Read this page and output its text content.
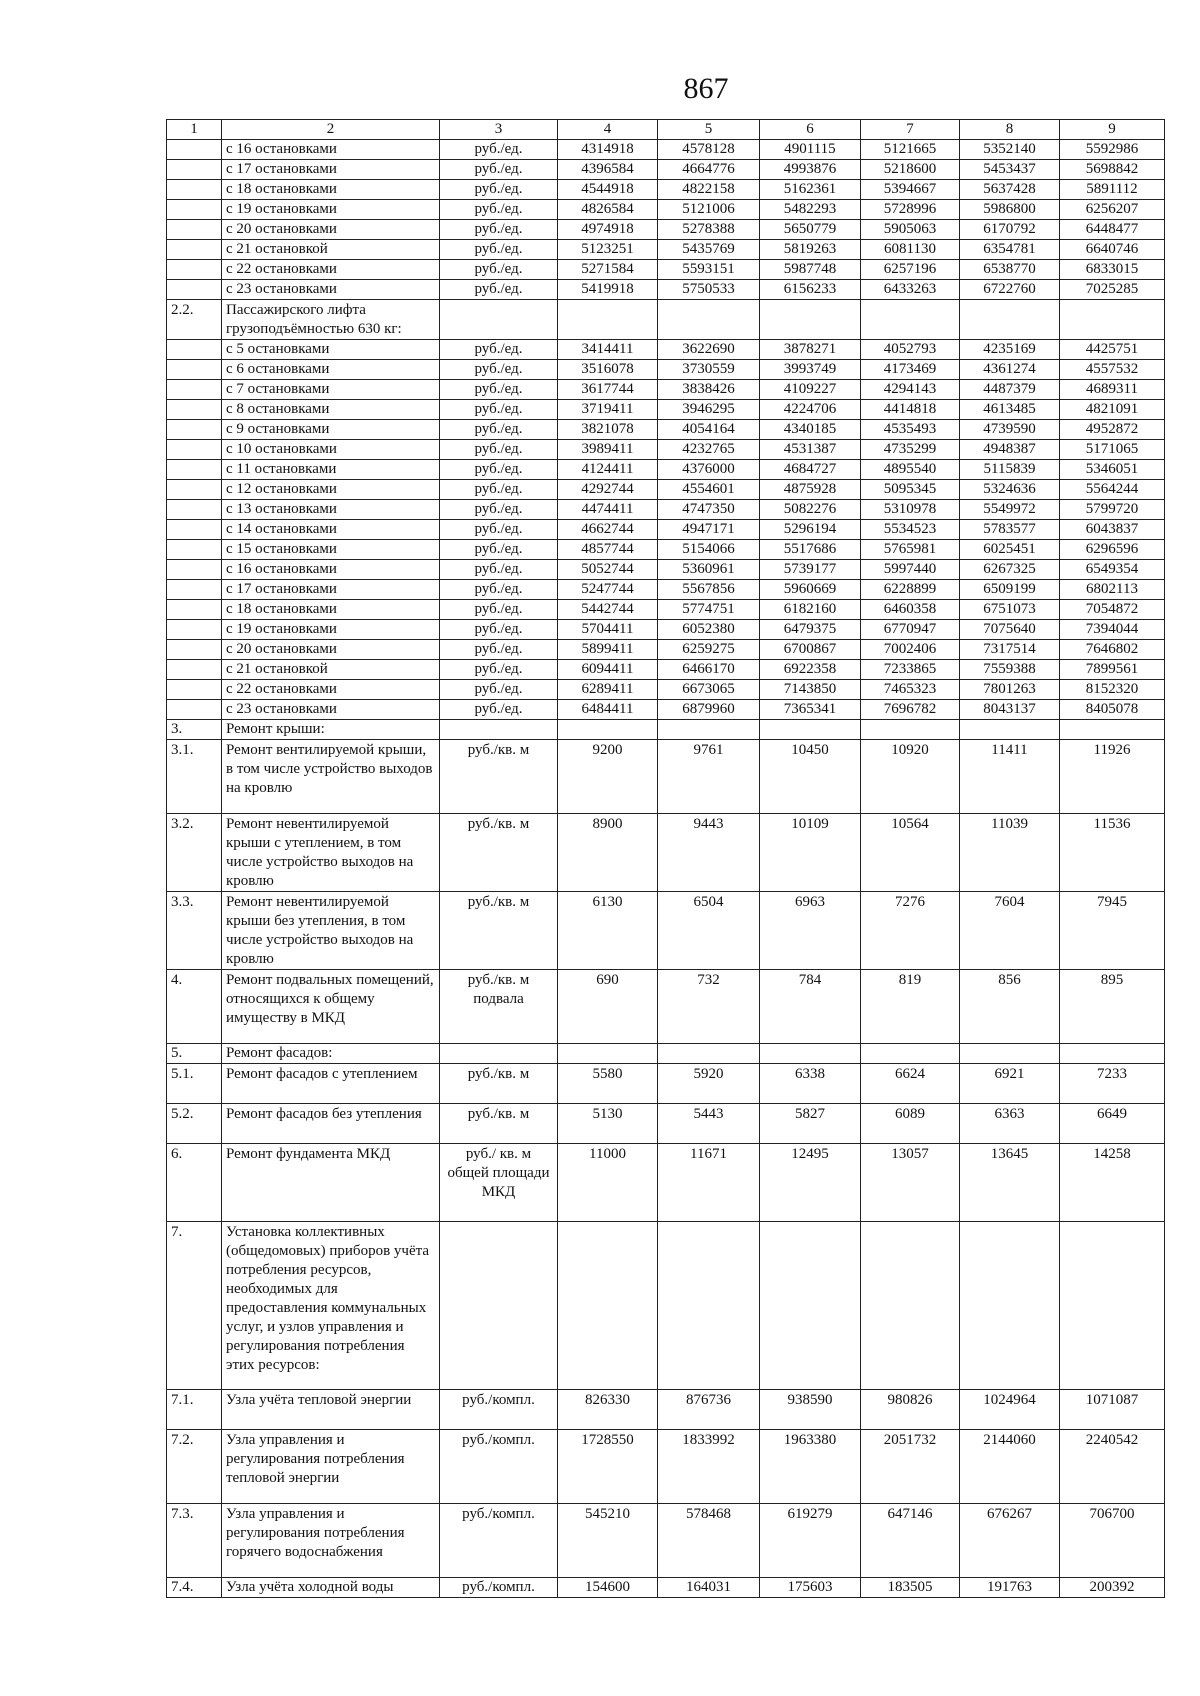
867
1	2	3	4	5	6	7	8	9
	с 16 остановками	руб./ед.	4314918	4578128	4901115	5121665	5352140	5592986
	с 17 остановками	руб./ед.	4396584	4664776	4993876	5218600	5453437	5698842
	с 18 остановками	руб./ед.	4544918	4822158	5162361	5394667	5637428	5891112
	с 19 остановками	руб./ед.	4826584	5121006	5482293	5728996	5986800	6256207
	с 20 остановками	руб./ед.	4974918	5278388	5650779	5905063	6170792	6448477
	с 21 остановкой	руб./ед.	5123251	5435769	5819263	6081130	6354781	6640746
	с 22 остановками	руб./ед.	5271584	5593151	5987748	6257196	6538770	6833015
	с 23 остановками	руб./ед.	5419918	5750533	6156233	6433263	6722760	7025285
2.2.	Пассажирского лифта грузоподъёмностью 630 кг:							
	с 5 остановками	руб./ед.	3414411	3622690	3878271	4052793	4235169	4425751
	с 6 остановками	руб./ед.	3516078	3730559	3993749	4173469	4361274	4557532
	с 7 остановками	руб./ед.	3617744	3838426	4109227	4294143	4487379	4689311
	с 8 остановками	руб./ед.	3719411	3946295	4224706	4414818	4613485	4821091
	с 9 остановками	руб./ед.	3821078	4054164	4340185	4535493	4739590	4952872
	с 10 остановками	руб./ед.	3989411	4232765	4531387	4735299	4948387	5171065
	с 11 остановками	руб./ед.	4124411	4376000	4684727	4895540	5115839	5346051
	с 12 остановками	руб./ед.	4292744	4554601	4875928	5095345	5324636	5564244
	с 13 остановками	руб./ед.	4474411	4747350	5082276	5310978	5549972	5799720
	с 14 остановками	руб./ед.	4662744	4947171	5296194	5534523	5783577	6043837
	с 15 остановками	руб./ед.	4857744	5154066	5517686	5765981	6025451	6296596
	с 16 остановками	руб./ед.	5052744	5360961	5739177	5997440	6267325	6549354
	с 17 остановками	руб./ед.	5247744	5567856	5960669	6228899	6509199	6802113
	с 18 остановками	руб./ед.	5442744	5774751	6182160	6460358	6751073	7054872
	с 19 остановками	руб./ед.	5704411	6052380	6479375	6770947	7075640	7394044
	с 20 остановками	руб./ед.	5899411	6259275	6700867	7002406	7317514	7646802
	с 21 остановкой	руб./ед.	6094411	6466170	6922358	7233865	7559388	7899561
	с 22 остановками	руб./ед.	6289411	6673065	7143850	7465323	7801263	8152320
	с 23 остановками	руб./ед.	6484411	6879960	7365341	7696782	8043137	8405078
3.	Ремонт крыши:							
3.1.	Ремонт вентилируемой крыши, в том числе устройство выходов на кровлю	руб./кв. м	9200	9761	10450	10920	11411	11926
3.2.	Ремонт невентилируемой крыши с утеплением, в том числе устройство выходов на кровлю	руб./кв. м	8900	9443	10109	10564	11039	11536
3.3.	Ремонт невентилируемой крыши без утепления, в том числе устройство выходов на кровлю	руб./кв. м	6130	6504	6963	7276	7604	7945
4.	Ремонт подвальных помещений, относящихся к общему имуществу в МКД	руб./кв. м подвала	690	732	784	819	856	895
5.	Ремонт фасадов:							
5.1.	Ремонт фасадов с утеплением	руб./кв. м	5580	5920	6338	6624	6921	7233
5.2.	Ремонт фасадов без утепления	руб./кв. м	5130	5443	5827	6089	6363	6649
6.	Ремонт фундамента МКД	руб./ кв. м общей площади МКД	11000	11671	12495	13057	13645	14258
7.	Установка коллективных (общедомовых) приборов учёта потребления ресурсов, необходимых для предоставления коммунальных услуг, и узлов управления и регулирования потребления этих ресурсов:							
7.1.	Узла учёта тепловой энергии	руб./компл.	826330	876736	938590	980826	1024964	1071087
7.2.	Узла управления и регулирования потребления тепловой энергии	руб./компл.	1728550	1833992	1963380	2051732	2144060	2240542
7.3.	Узла управления и регулирования потребления горячего водоснабжения	руб./компл.	545210	578468	619279	647146	676267	706700
7.4.	Узла учёта холодной воды	руб./компл.	154600	164031	175603	183505	191763	200392
